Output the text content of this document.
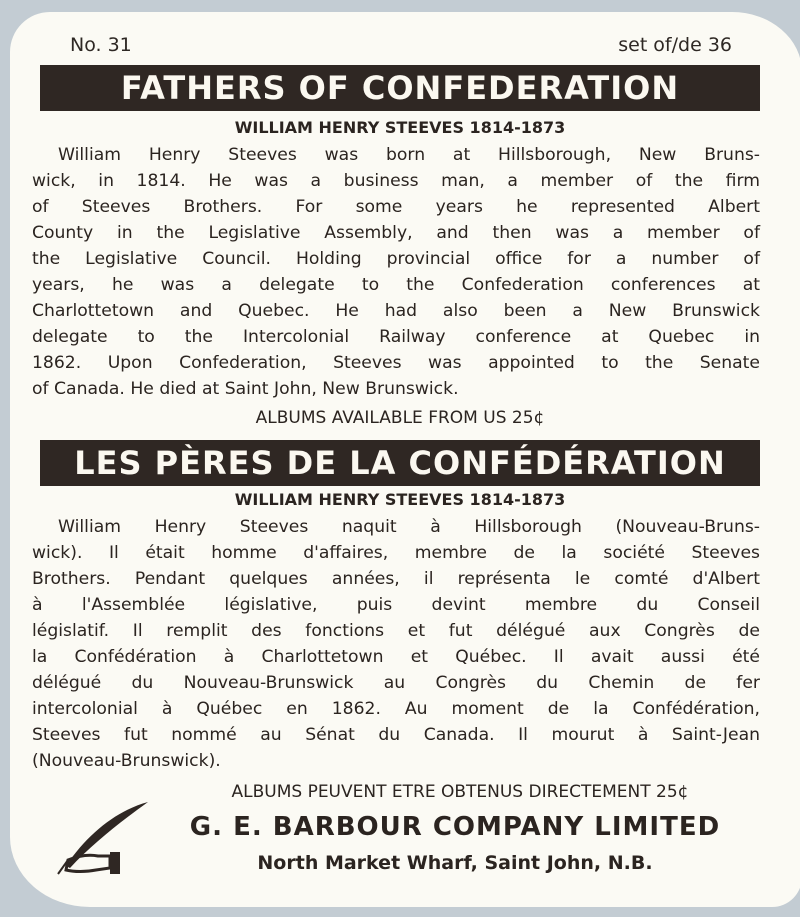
No. 31	set of/de 36
FATHERS OF CONFEDERATION
WILLIAM HENRY STEEVES 1814-1873
William Henry Steeves was born at Hillsborough, New Bruns-
wick, in 1814. He was a business man, a member of the firm
of Steeves Brothers. For some years he represented Albert
County in the Legislative Assembly, and then was a member of
the Legislative Council. Holding provincial office for a number of
years, he was a delegate to the Confederation conferences at
Charlottetown and Quebec. He had also been a New Brunswick
delegate to the Intercolonial Railway conference at Quebec in
1862. Upon Confederation, Steeves was appointed to the Senate
of Canada. He died at Saint John, New Brunswick.
ALBUMS AVAILABLE FROM US 25¢
LES PÈRES DE LA CONFÉDÉRATION
WILLIAM HENRY STEEVES 1814-1873
William Henry Steeves naquit à Hillsborough (Nouveau-Bruns-
wick). Il était homme d'affaires, membre de la société Steeves
Brothers. Pendant quelques années, il représenta le comté d'Albert
à l'Assemblée législative, puis devint membre du Conseil
législatif. Il remplit des fonctions et fut délégué aux Congrès de
la Confédération à Charlottetown et Québec. Il avait aussi été
délégué du Nouveau-Brunswick au Congrès du Chemin de fer
intercolonial à Québec en 1862. Au moment de la Confédération,
Steeves fut nommé au Sénat du Canada. Il mourut à Saint-Jean
(Nouveau-Brunswick).
ALBUMS PEUVENT ETRE OBTENUS DIRECTEMENT 25¢
G. E. BARBOUR COMPANY LIMITED
North Market Wharf, Saint John, N.B.
